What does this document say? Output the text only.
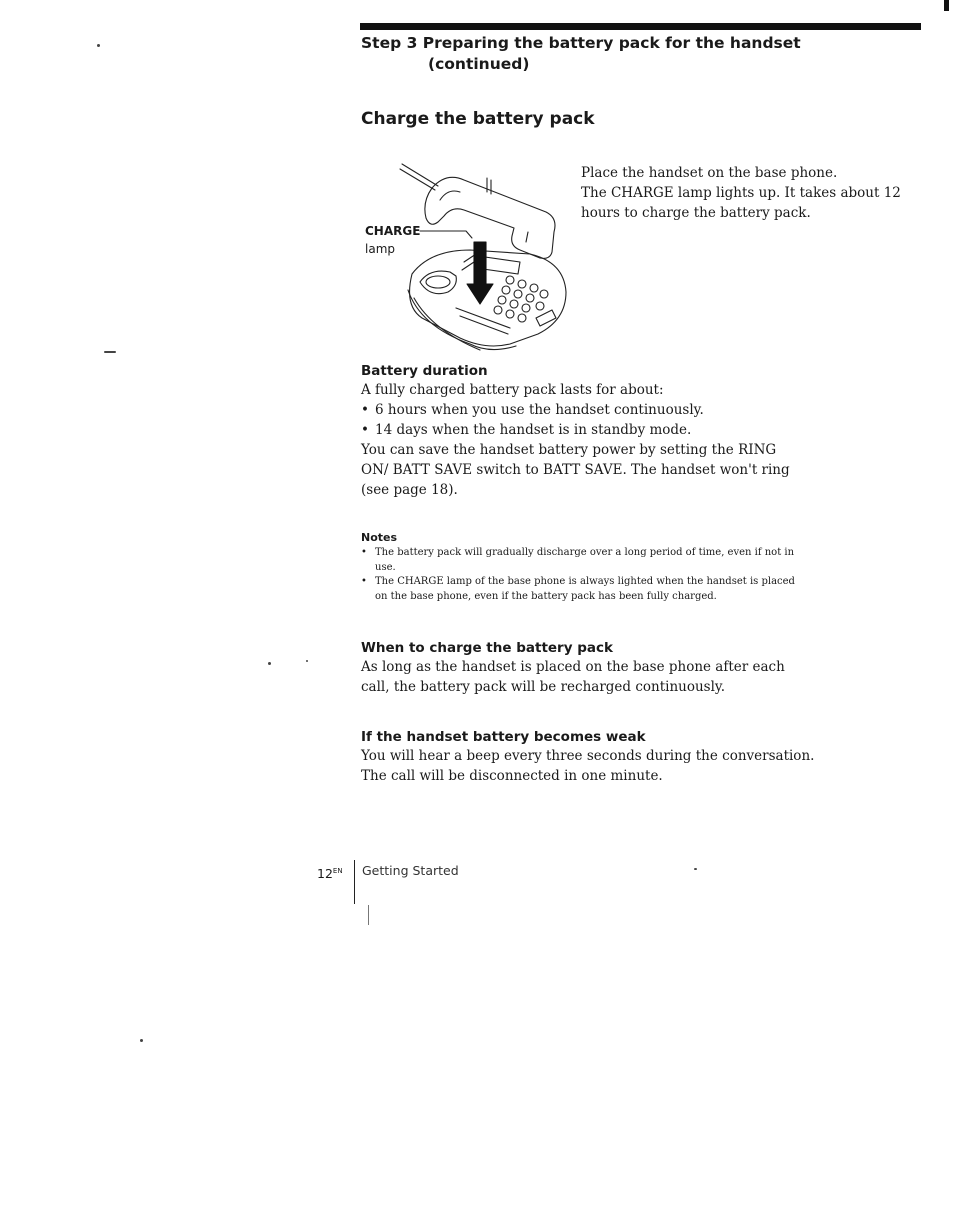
Step 3 Preparing the battery pack for the handset
(continued)
Charge the battery pack
CHARGE
lamp

Place the handset on the base phone.

The CHARGE lamp lights up. It takes about 12 hours to charge the battery pack.

Battery duration

A fully charged battery pack lasts for about:

• 6 hours when you use the handset continuously.
• 14 days when the handset is in standby mode.

You can save the handset battery power by setting the RING ON/ BATT SAVE switch to BATT SAVE. The handset won't ring (see page 18).

Notes
• The battery pack will gradually discharge over a long period of time, even if not in use.
• The CHARGE lamp of the base phone is always lighted when the handset is placed on the base phone, even if the battery pack has been fully charged.
When to charge the battery pack

As long as the handset is placed on the base phone after each call, the battery pack will be recharged continuously.

If the handset battery becomes weak

You will hear a beep every three seconds during the conversation.

The call will be disconnected in one minute.

$12^{EN}$ Getting Started
